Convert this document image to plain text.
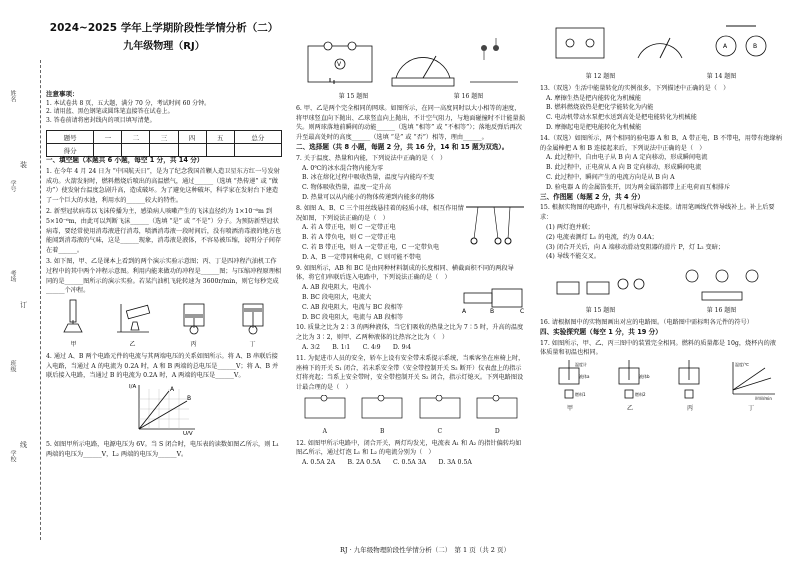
姓名
学号
考场
班级
学校
装
订
线
2024~2025 学年上学期阶段性学情分析（二）
九年级物理（RJ）
注意事项：

1. 本试卷共 8 页，五大题，满分 70 分，考试时间 60 分钟。

2. 请用蓝、黑色钢笔或圆珠笔直接答在试卷上。

3. 答卷前请将密封线内的项目填写清楚。

题号	一	二	三	四	五	总分
得分						

一、填空题（本题共 6 小题，每空 1 分，共 14 分）

1. 在今年 4 月 24 日为 “中国航天日”，是为了纪念我国首颗人造卫星东方红一号发射成功。火箭发射时，燃料燃烧后喷出的高温燃气，通过______（选填 “热传递” 或 “做功”）使发射台温度急剧升高，造成破坏。为了避免这种破坏，科学家在发射台下建造了一个巨大的水池，利用水的______较大的特性。

2. 新型冠状病毒以飞沫传播为主，感染病人咳嗽产生的飞沫直径约为 1×10⁻⁶m 到 5×10⁻⁶m，由此可以判断飞沫______（选填 “是” 或 “不是”）分子。为预防新型冠状病毒，要经常使用消毒液进行消毒，喷洒消毒液一段时间后，没有喷洒消毒液的地方也能闻到消毒液的气味，这是______现象，消毒液是液体，不容易被压缩，说明分子间存在着______。

3. 如下图，甲、乙是课本上看到的两个演示实验示意图；丙、丁是四冲程汽油机工作过程中的其中两个冲程示意图。利用内能来做功的冲程是______图；与压缩冲程原理相同的是______图所示的演示实验。若某汽油机飞轮转速为 3600r/min，则它每秒完成______个冲程。

甲	乙	丙	丁

4. 通过 A、B 两个电路元件的电流与其两端电压的关系如图所示。将 A、B 串联后接入电路，当通过 A 的电流为 0.2A 时，A 和 B 两端的总电压是______V；将 A、B 并联后接入电路，当通过 B 的电流为 0.2A 时，A 两端的电压是______V。

A
B
I/A
U/V

5. 如图甲所示电路，电源电压为 6V。当 S 闭合时，电压表的读数如图乙所示，则 L₁ 两端的电压为______V，L₂ 两端的电压为______V。

V
第 15 题图	第 16 题图

6. 甲、乙是两个完全相同的网球。如图所示，在同一高度同时以大小相等的速度，将甲球竖直向下抛出、乙球竖直向上抛出，不计空气阻力，与地面碰撞时不计能量损失。则两球落地前瞬间的动能______（选填 “相等” 或 “不相等”）；落地反弹后再次升至最高处时的高度______（选填 “是” 或 “否”）相等，理由______。

二、选择题（共 8 小题，每题 2 分，共 16 分，14 和 15 题为双选）。

7. 关于温度、热量和内能，下列说法中正确的是（　）

A. 0℃的冰水混合物内能为零

B. 冰在熔化过程中吸收热量，温度与内能均不变

C. 物体吸收热量，温度一定升高

D. 热量可以从内能小的物体传递到内能多的物体

8. 如图 A、B、C 三个用丝线悬挂着的轻质小球，相互作用情况如图，下列说法正确的是（　）

A. 若 A 带正电，则 C 一定带正电

B. 若 A 带负电，则 C 一定带正电

C. 若 B 带正电，则 A 一定带正电，C 一定带负电

D. A、B 一定带同种电荷，C 则可能不带电

9. 如图所示，AB 和 BC 是由同种材料制成的长度相同、横截面积不同的两段导体，将它们串联后连入电路中，下列说法正确的是（　）

A. AB 段电阻大，电流小

B. BC 段电阻大，电流大

C. AB 段电阻大，电流与 BC 段相等

D. BC 段电阻大，电流与 AB 段相等

A	B	C

10. 质量之比为 2∶3 的两种液体，当它们吸收的热量之比为 7∶5 时，升高的温度之比为 3∶2，则甲、乙两种液体的比热容之比为（　）

A. 3∶2　　B. 1∶1　　C. 4∶9　　D. 9∶4

11. 为促进市人员的安全，轿车上设有安全带未系提示系统，当乘客坐在座椅上时，座椅下的开关 S₁ 闭合，若未系安全带（安全带控制开关 S₂ 断开）仪表盘上的指示灯将亮起；当系上安全带时，安全带控制开关 S₂ 闭合，指示灯熄灭。下列电路图设计最合理的是（　）

A	B	C	D

12. 如图甲所示电路中，闭合开关，两灯均发光，电流表 A₁ 和 A₂ 的指针偏转均如图乙所示，通过灯泡 L₁ 和 L₂ 的电流分别为（　）

A. 0.5A 2A　　B. 2A 0.5A　　C. 0.5A 3A　　D. 3A 0.5A

A	B
第 12 题图	第 14 题图

13.（双选）生活中能量转化的实例很多，下列描述中正确的是（　）

A. 摩擦生热是把内能转化为机械能

B. 燃料燃烧放热是把化学能转化为内能

C. 电动机带动水泵把水送到高处是把电能转化为机械能

D. 摩擦起电是把电能转化为机械能

14.（双选）如图所示，两个相同的验电器 A 和 B，A 带正电，B 不带电，用带有绝缘柄的金属棒把 A 和 B 连接起来后，下列说法中正确的是（　）

A. 此过程中，自由电子从 B 向 A 定向移动，形成瞬间电流

B. 此过程中，正电荷从 A 向 B 定向移动，形成瞬间电流

C. 此过程中，瞬间产生的电流方向是从 B 向 A

D. 验电器 A 的金属箔张开，因为两金属箔都带上正电荷而互相排斥

三、作图题（每题 2 分，共 4 分）

15. 根据实物图的电路中，有几根导线尚未连接。请用笔画线代替导线补上。补上后要求：

(1) 两灯泡并联；

(2) 电流表测灯 L₁ 的电流，约为 0.4A；

(3) 闭合开关后，向 A 端移动滑动变阻器的滑片 P，灯 L₂ 变暗；

(4) 导线不能交叉。

第 15 题图	第 16 题图

16. 请根据图中的实物图画出对应的电路图。（电路图中需标明各元件的符号）

四、实验探究题（每空 1 分，共 19 分）

17. 如图所示，甲、乙、丙三图中的装置完全相同。燃料的质量都是 10g，烧杯内的液体质量和初温也相同。

温度计
液体a
燃料1
甲
液体b
燃料2
乙	丙
温度/℃
时间/min
丁
RJ · 九年级物理阶段性学情分析（二）　第 1 页（共 2 页）
